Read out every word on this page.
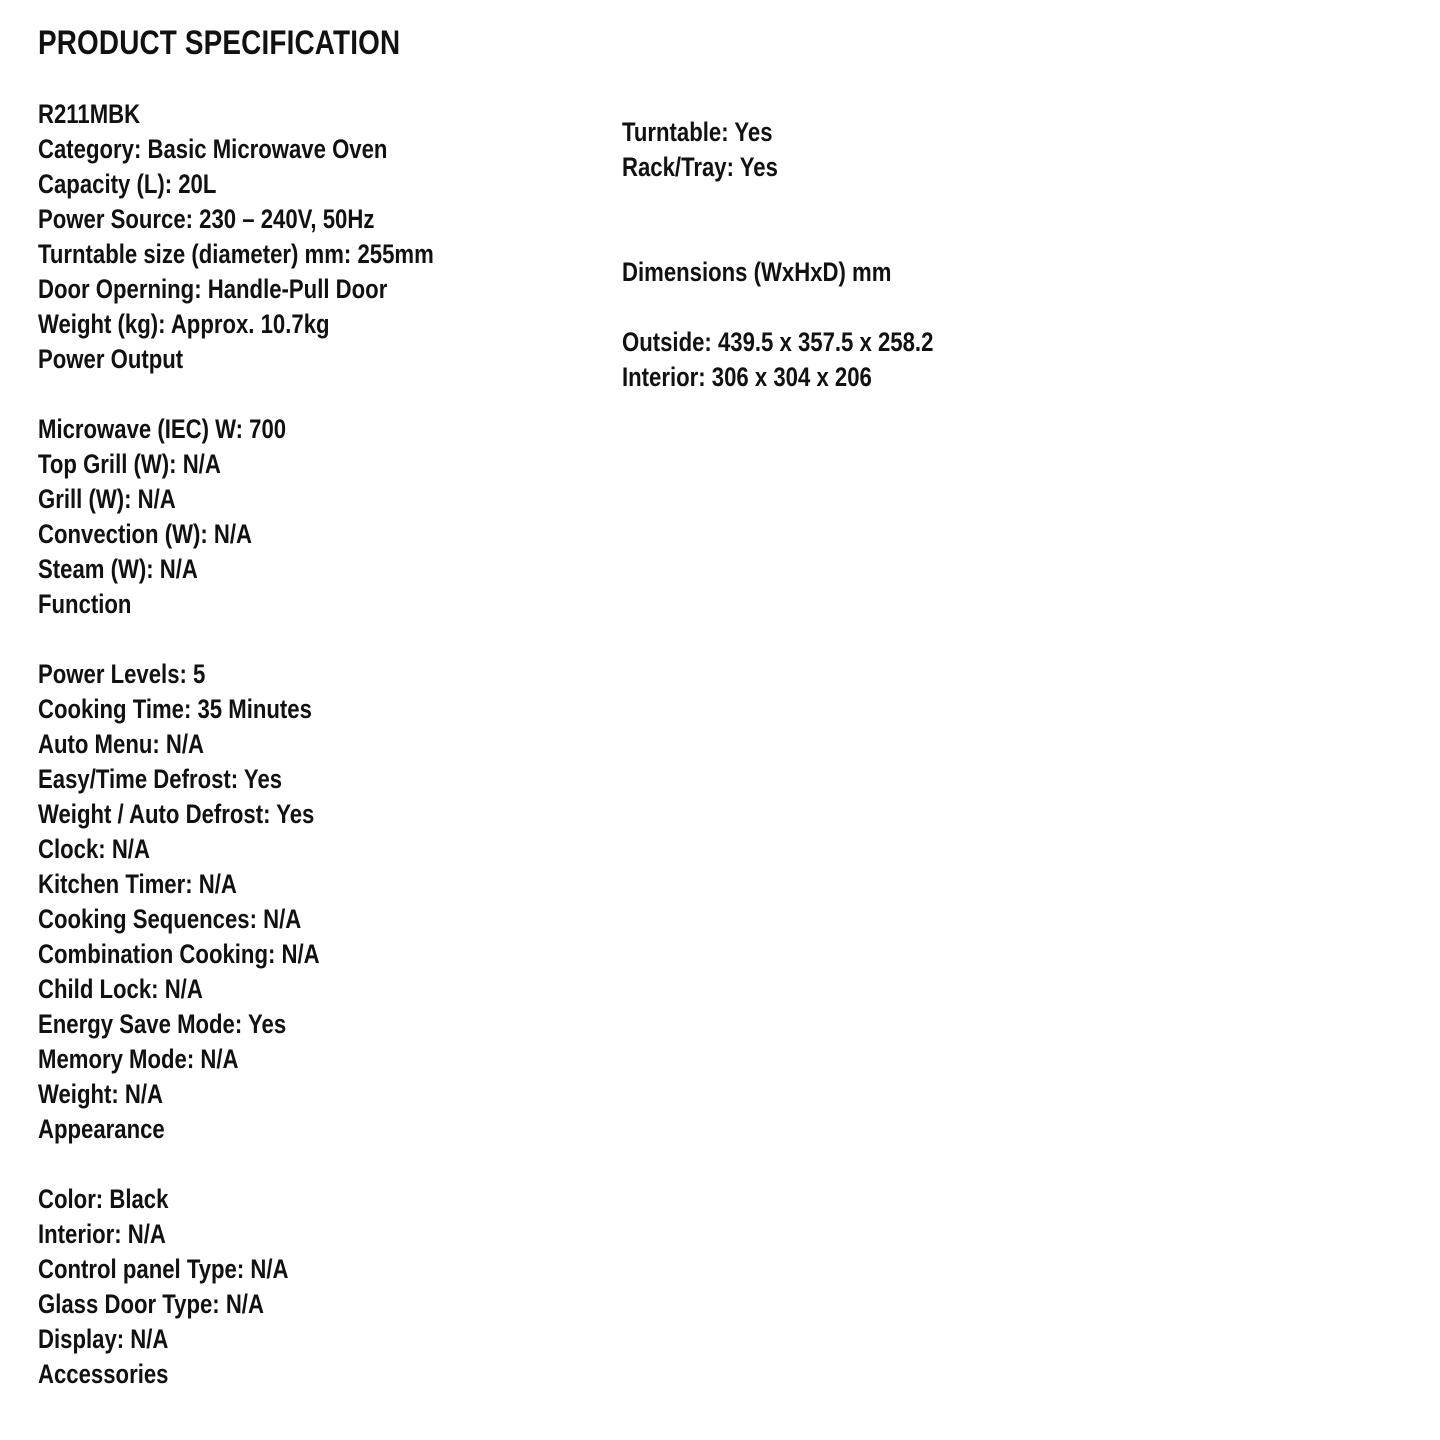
PRODUCT SPECIFICATION
R211MBK
Category: Basic Microwave Oven
Capacity (L): 20L
Power Source: 230 – 240V, 50Hz
Turntable size (diameter) mm: 255mm
Door Operning: Handle-Pull Door
Weight (kg): Approx. 10.7kg
Power Output
Microwave (IEC) W: 700
Top Grill (W): N/A
Grill (W): N/A
Convection (W): N/A
Steam (W): N/A
Function
Power Levels: 5
Cooking Time: 35 Minutes
Auto Menu: N/A
Easy/Time Defrost: Yes
Weight / Auto Defrost: Yes
Clock: N/A
Kitchen Timer: N/A
Cooking Sequences: N/A
Combination Cooking: N/A
Child Lock: N/A
Energy Save Mode: Yes
Memory Mode: N/A
Weight: N/A
Appearance
Color: Black
Interior: N/A
Control panel Type: N/A
Glass Door Type: N/A
Display: N/A
Accessories
Turntable: Yes
Rack/Tray: Yes
Dimensions (WxHxD) mm
Outside: 439.5 x 357.5 x 258.2
Interior: 306 x 304 x 206
